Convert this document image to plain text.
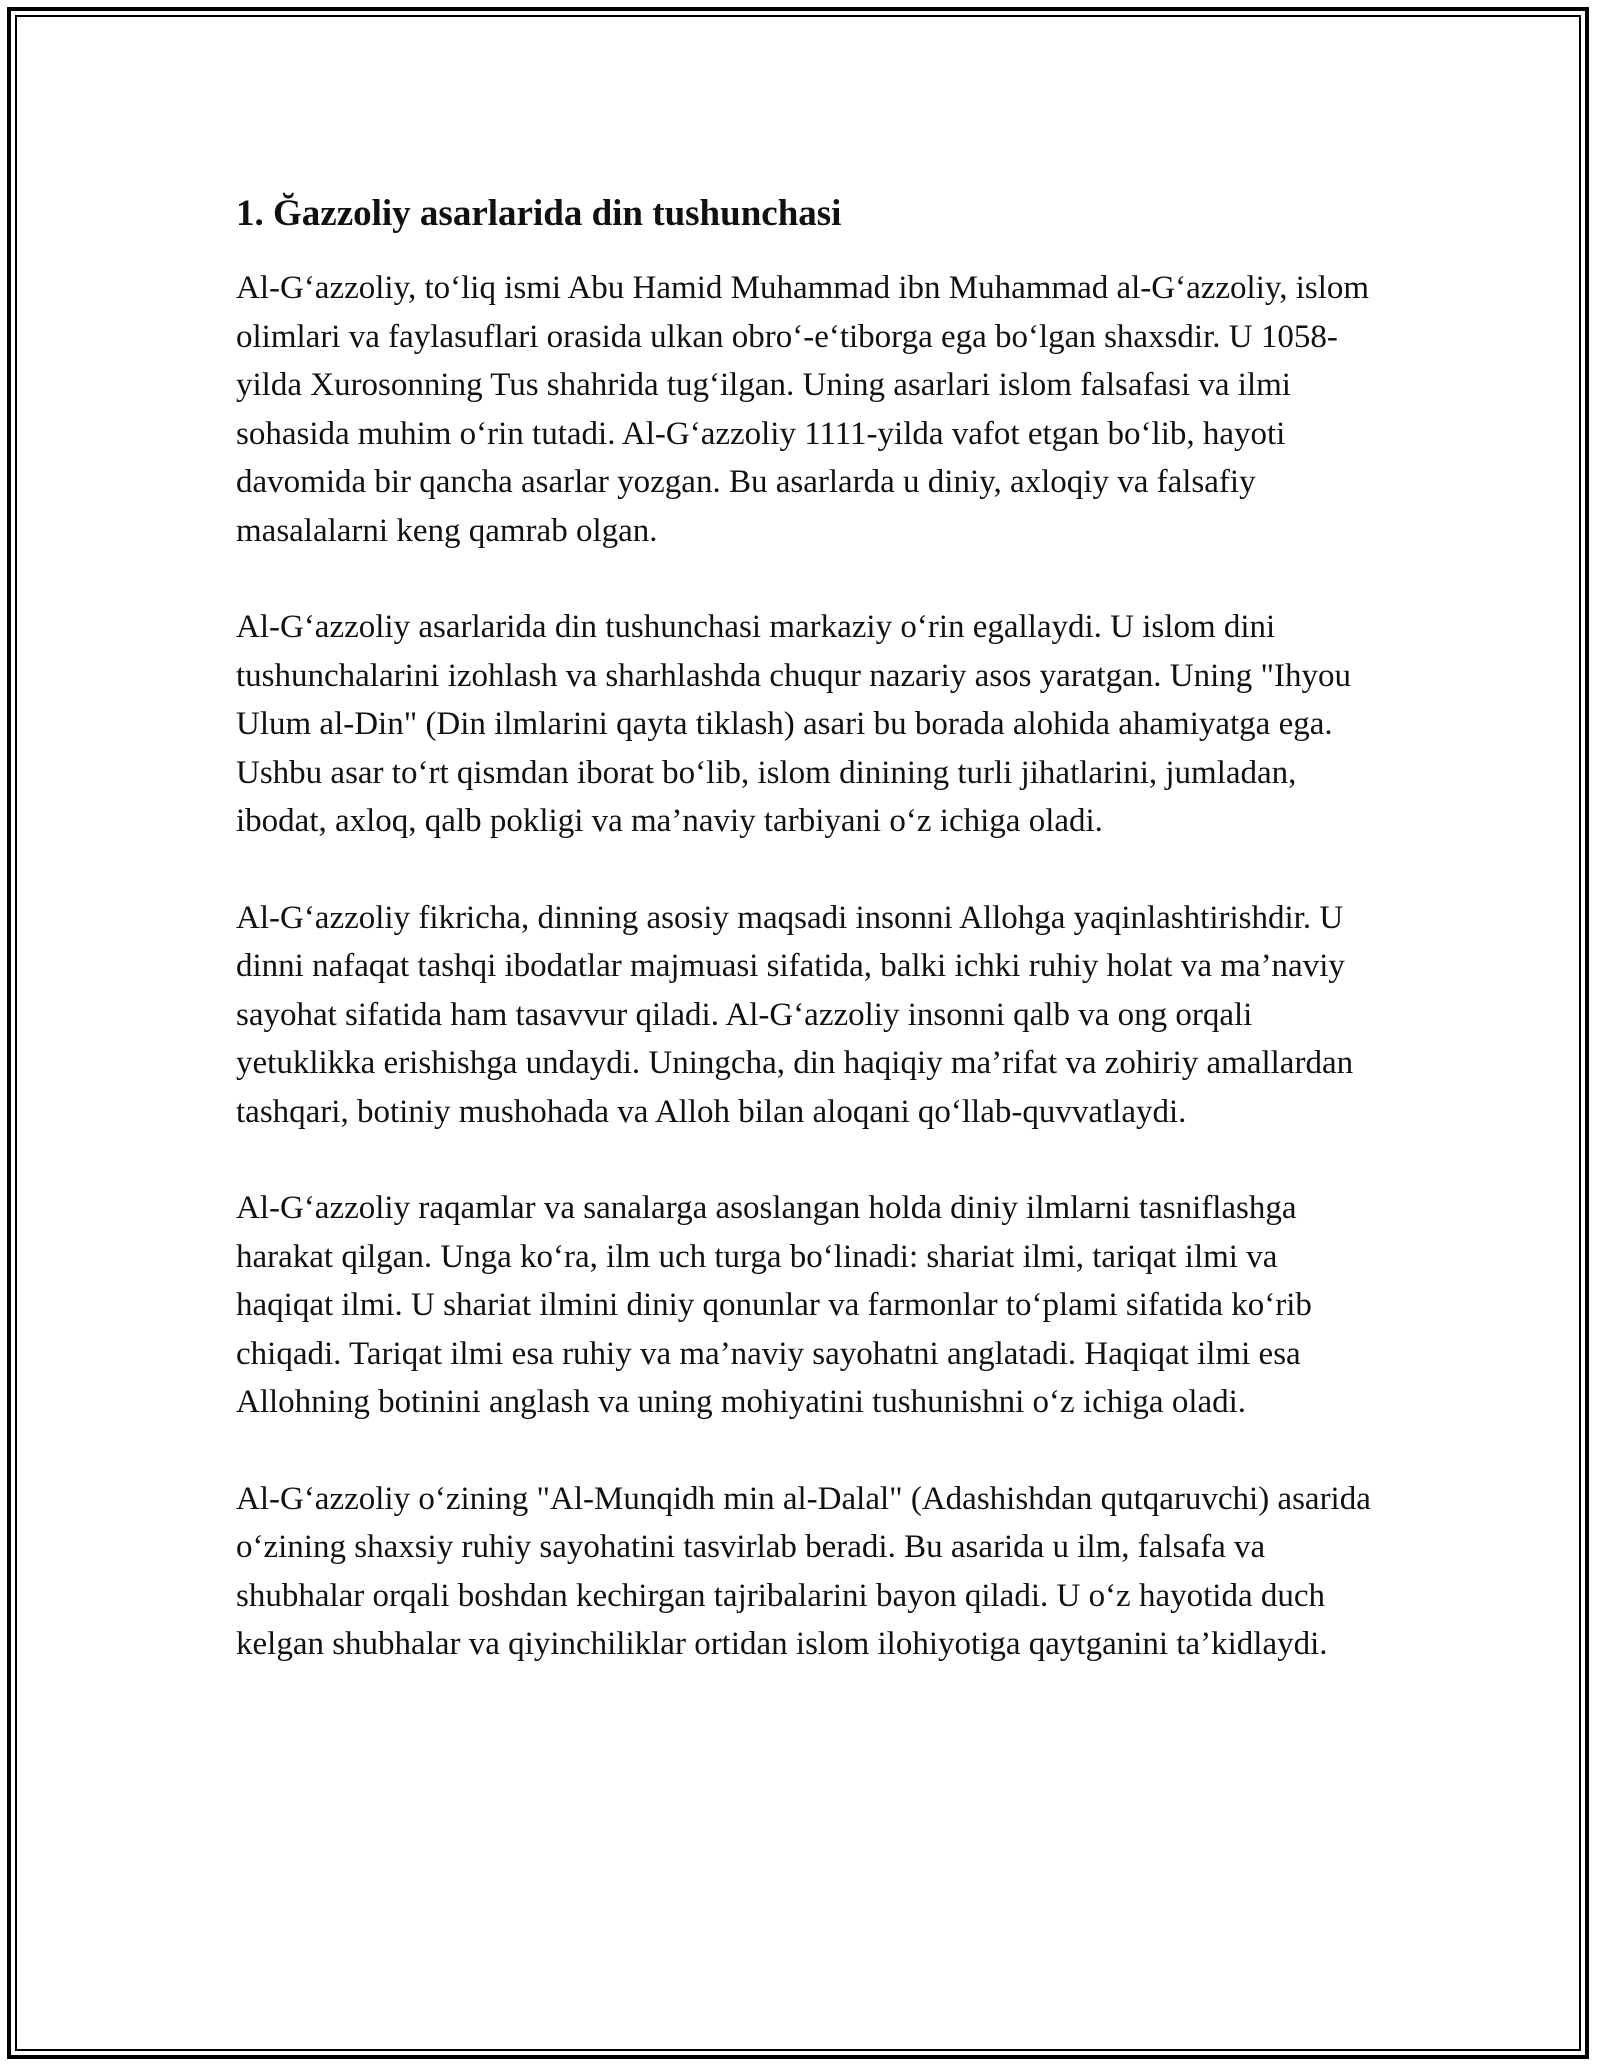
1. Ğazzoliy asarlarida din tushunchasi

Al-G‘azzoliy, to‘liq ismi Abu Hamid Muhammad ibn Muhammad al-G‘azzoliy, islom olimlari va faylasuflari orasida ulkan obro‘-e‘tiborga ega bo‘lgan shaxsdir. U 1058-yilda Xurosonning Tus shahrida tug‘ilgan. Uning asarlari islom falsafasi va ilmi sohasida muhim o‘rin tutadi. Al-G‘azzoliy 1111-yilda vafot etgan bo‘lib, hayoti davomida bir qancha asarlar yozgan. Bu asarlarda u diniy, axloqiy va falsafiy masalalarni keng qamrab olgan.

Al-G‘azzoliy asarlarida din tushunchasi markaziy o‘rin egallaydi. U islom dini tushunchalarini izohlash va sharhlashda chuqur nazariy asos yaratgan. Uning "Ihyou Ulum al-Din" (Din ilmlarini qayta tiklash) asari bu borada alohida ahamiyatga ega. Ushbu asar to‘rt qismdan iborat bo‘lib, islom dinining turli jihatlarini, jumladan, ibodat, axloq, qalb pokligi va ma’naviy tarbiyani o‘z ichiga oladi.

Al-G‘azzoliy fikricha, dinning asosiy maqsadi insonni Allohga yaqinlashtirishdir. U dinni nafaqat tashqi ibodatlar majmuasi sifatida, balki ichki ruhiy holat va ma’naviy sayohat sifatida ham tasavvur qiladi. Al-G‘azzoliy insonni qalb va ong orqali yetuklikka erishishga undaydi. Uningcha, din haqiqiy ma’rifat va zohiriy amallardan tashqari, botiniy mushohada va Alloh bilan aloqani qo‘llab-quvvatlaydi.

Al-G‘azzoliy raqamlar va sanalarga asoslangan holda diniy ilmlarni tasniflashga harakat qilgan. Unga ko‘ra, ilm uch turga bo‘linadi: shariat ilmi, tariqat ilmi va haqiqat ilmi. U shariat ilmini diniy qonunlar va farmonlar to‘plami sifatida ko‘rib chiqadi. Tariqat ilmi esa ruhiy va ma’naviy sayohatni anglatadi. Haqiqat ilmi esa Allohning botinini anglash va uning mohiyatini tushunishni o‘z ichiga oladi.

Al-G‘azzoliy o‘zining "Al-Munqidh min al-Dalal" (Adashishdan qutqaruvchi) asarida o‘zining shaxsiy ruhiy sayohatini tasvirlab beradi. Bu asarida u ilm, falsafa va shubhalar orqali boshdan kechirgan tajribalarini bayon qiladi. U o‘z hayotida duch kelgan shubhalar va qiyinchiliklar ortidan islom ilohiyotiga qaytganini ta’kidlaydi.
